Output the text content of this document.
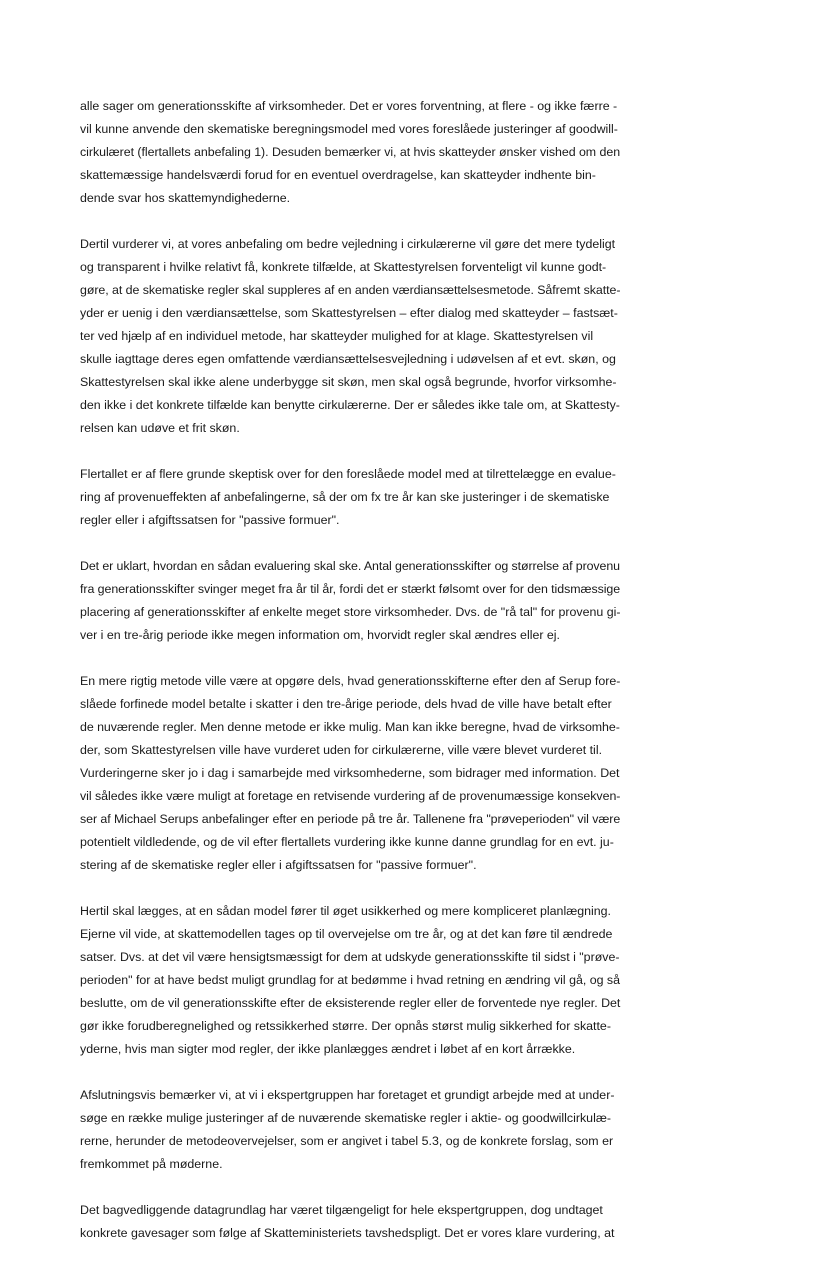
alle sager om generationsskifte af virksomheder. Det er vores forventning, at flere - og ikke færre -
vil kunne anvende den skematiske beregningsmodel med vores foreslåede justeringer af goodwill-
cirkulæret (flertallets anbefaling 1). Desuden bemærker vi, at hvis skatteyder ønsker vished om den
skattemæssige handelsværdi forud for en eventuel overdragelse, kan skatteyder indhente bin-
dende svar hos skattemyndighederne.

Dertil vurderer vi, at vores anbefaling om bedre vejledning i cirkulærerne vil gøre det mere tydeligt
og transparent i hvilke relativt få, konkrete tilfælde, at Skattestyrelsen forventeligt vil kunne godt-
gøre, at de skematiske regler skal suppleres af en anden værdiansættelsesmetode. Såfremt skatte-
yder er uenig i den værdiansættelse, som Skattestyrelsen – efter dialog med skatteyder – fastsæt-
ter ved hjælp af en individuel metode, har skatteyder mulighed for at klage. Skattestyrelsen vil
skulle iagttage deres egen omfattende værdiansættelsesvejledning i udøvelsen af et evt. skøn, og
Skattestyrelsen skal ikke alene underbygge sit skøn, men skal også begrunde, hvorfor virksomhe-
den ikke i det konkrete tilfælde kan benytte cirkulærerne. Der er således ikke tale om, at Skattesty-
relsen kan udøve et frit skøn.

Flertallet er af flere grunde skeptisk over for den foreslåede model med at tilrettelægge en evalue-
ring af provenueffekten af anbefalingerne, så der om fx tre år kan ske justeringer i de skematiske
regler eller i afgiftssatsen for "passive formuer".

Det er uklart, hvordan en sådan evaluering skal ske. Antal generationsskifter og størrelse af provenu
fra generationsskifter svinger meget fra år til år, fordi det er stærkt følsomt over for den tidsmæssige
placering af generationsskifter af enkelte meget store virksomheder. Dvs. de "rå tal" for provenu gi-
ver i en tre-årig periode ikke megen information om, hvorvidt regler skal ændres eller ej.

En mere rigtig metode ville være at opgøre dels, hvad generationsskifterne efter den af Serup fore-
slåede forfinede model betalte i skatter i den tre-årige periode, dels hvad de ville have betalt efter
de nuværende regler. Men denne metode er ikke mulig. Man kan ikke beregne, hvad de virksomhe-
der, som Skattestyrelsen ville have vurderet uden for cirkulærerne, ville være blevet vurderet til.
Vurderingerne sker jo i dag i samarbejde med virksomhederne, som bidrager med information. Det
vil således ikke være muligt at foretage en retvisende vurdering af de provenumæssige konsekven-
ser af Michael Serups anbefalinger efter en periode på tre år. Tallenene fra "prøveperioden" vil være
potentielt vildledende, og de vil efter flertallets vurdering ikke kunne danne grundlag for en evt. ju-
stering af de skematiske regler eller i afgiftssatsen for "passive formuer".

Hertil skal lægges, at en sådan model fører til øget usikkerhed og mere kompliceret planlægning.
Ejerne vil vide, at skattemodellen tages op til overvejelse om tre år, og at det kan føre til ændrede
satser. Dvs. at det vil være hensigtsmæssigt for dem at udskyde generationsskifte til sidst i "prøve-
perioden" for at have bedst muligt grundlag for at bedømme i hvad retning en ændring vil gå, og så
beslutte, om de vil generationsskifte efter de eksisterende regler eller de forventede nye regler. Det
gør ikke forudberegnelighed og retssikkerhed større. Der opnås størst mulig sikkerhed for skatte-
yderne, hvis man sigter mod regler, der ikke planlægges ændret i løbet af en kort årrække.

Afslutningsvis bemærker vi, at vi i ekspertgruppen har foretaget et grundigt arbejde med at under-
søge en række mulige justeringer af de nuværende skematiske regler i aktie- og goodwillcirkulæ-
rerne, herunder de metodeovervejelser, som er angivet i tabel 5.3, og de konkrete forslag, som er
fremkommet på møderne.

Det bagvedliggende datagrundlag har været tilgængeligt for hele ekspertgruppen, dog undtaget
konkrete gavesager som følge af Skatteministeriets tavshedspligt. Det er vores klare vurdering, at
